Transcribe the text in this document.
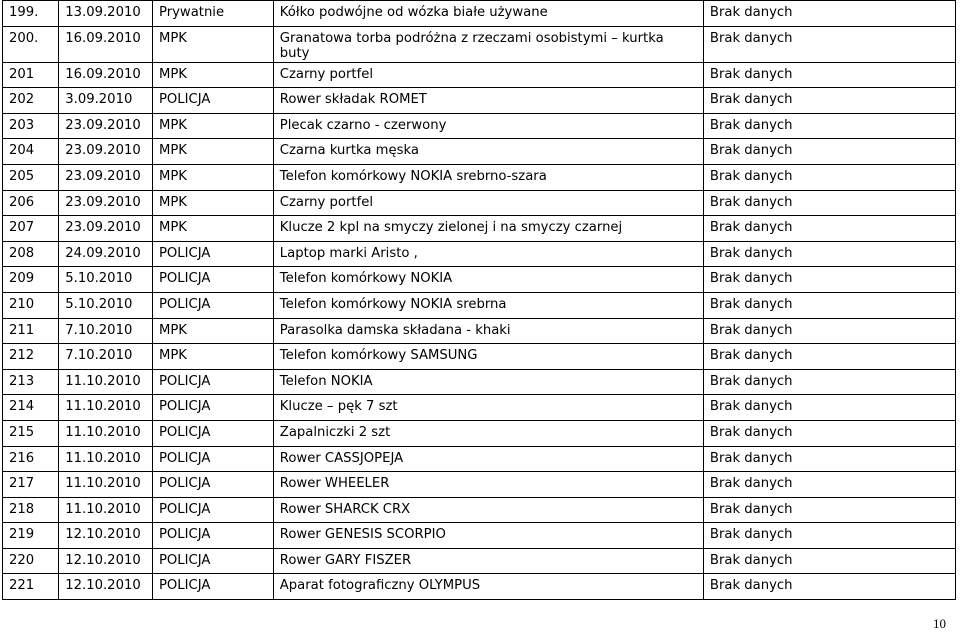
199.	13.09.2010	Prywatnie	Kółko podwójne od wózka białe używane	Brak danych

200.	16.09.2010	MPK	Granatowa torba podróżna z rzeczami osobistymi – kurtka buty	Brak danych

201	16.09.2010	MPK	Czarny portfel	Brak danych

202	3.09.2010	POLICJA	Rower składak ROMET	Brak danych

203	23.09.2010	MPK	Plecak czarno - czerwony	Brak danych

204	23.09.2010	MPK	Czarna kurtka męska	Brak danych

205	23.09.2010	MPK	Telefon komórkowy NOKIA srebrno-szara	Brak danych

206	23.09.2010	MPK	Czarny portfel	Brak danych

207	23.09.2010	MPK	Klucze 2 kpl na smyczy zielonej i na smyczy czarnej	Brak danych

208	24.09.2010	POLICJA	Laptop marki Aristo ,	Brak danych

209	5.10.2010	POLICJA	Telefon komórkowy NOKIA	Brak danych

210	5.10.2010	POLICJA	Telefon komórkowy NOKIA srebrna	Brak danych

211	7.10.2010	MPK	Parasolka damska składana - khaki	Brak danych

212	7.10.2010	MPK	Telefon komórkowy SAMSUNG	Brak danych

213	11.10.2010	POLICJA	Telefon NOKIA	Brak danych

214	11.10.2010	POLICJA	Klucze – pęk 7 szt	Brak danych

215	11.10.2010	POLICJA	Zapalniczki 2 szt	Brak danych

216	11.10.2010	POLICJA	Rower CASSJOPEJA	Brak danych

217	11.10.2010	POLICJA	Rower WHEELER	Brak danych

218	11.10.2010	POLICJA	Rower SHARCK CRX	Brak danych

219	12.10.2010	POLICJA	Rower GENESIS SCORPIO	Brak danych

220	12.10.2010	POLICJA	Rower GARY FISZER	Brak danych

221	12.10.2010	POLICJA	Aparat fotograficzny OLYMPUS	Brak danych
10
